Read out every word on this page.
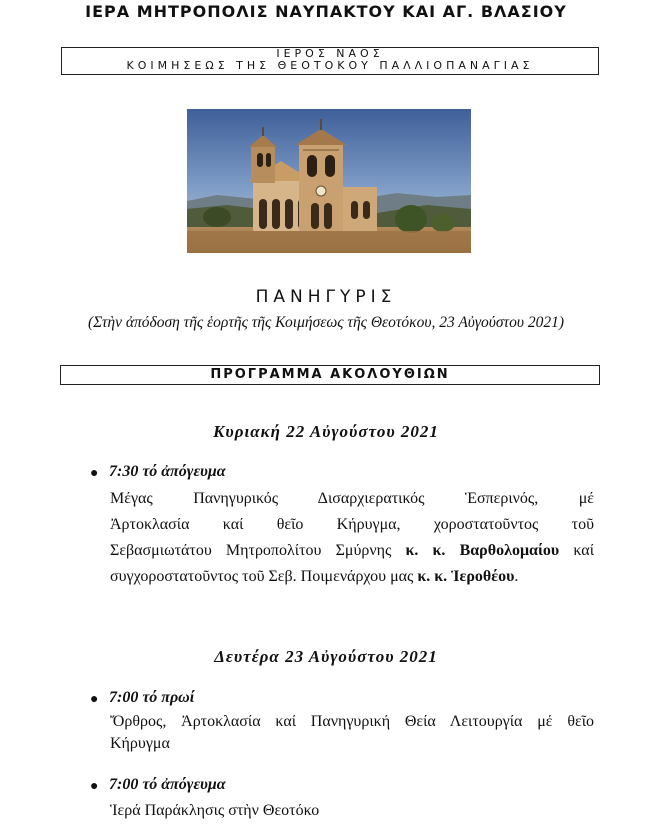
ΙΕΡΑ ΜΗΤΡΟΠΟΛΙΣ ΝΑΥΠΑΚΤΟΥ ΚΑΙ ΑΓ. ΒΛΑΣΙΟΥ
ΙΕΡΟΣ ΝΑΟΣ
ΚΟΙΜΗΣΕΩΣ ΤΗΣ ΘΕΟΤΟΚΟΥ ΠΑΛΛΙΟΠΑΝΑΓΙΑΣ
ΠΑΝΗΓΥΡΙΣ
(Στὴν ἀπόδοση τῆς ἑορτῆς τῆς Κοιμήσεως τῆς Θεοτόκου, 23 Αὐγούστου 2021)
ΠΡΟΓΡΑΜΜΑ ΑΚΟΛΟΥΘΙΩΝ
Κυριακή 22 Αὐγούστου 2021
● 7:30 τό ἀπόγευμα
Μέγας Πανηγυρικός Δισαρχιερατικός Ἑσπερινός, μέ
Ἀρτοκλασία καί θεῖο Κήρυγμα, χοροστατοῦντος τοῦ
Σεβασμιωτάτου Μητροπολίτου Σμύρνης κ. κ. Βαρθολομαίου καί
συγχοροστατοῦντος τοῦ Σεβ. Ποιμενάρχου μας κ. κ. Ἱεροθέου.
Δευτέρα 23 Αὐγούστου 2021
● 7:00 τό πρωί
Ὄρθρος, Ἀρτοκλασία καί Πανηγυρική Θεία Λειτουργία μέ θεῖο
Κήρυγμα
● 7:00 τό ἀπόγευμα
Ἱερά Παράκλησις στὴν Θεοτόκο
